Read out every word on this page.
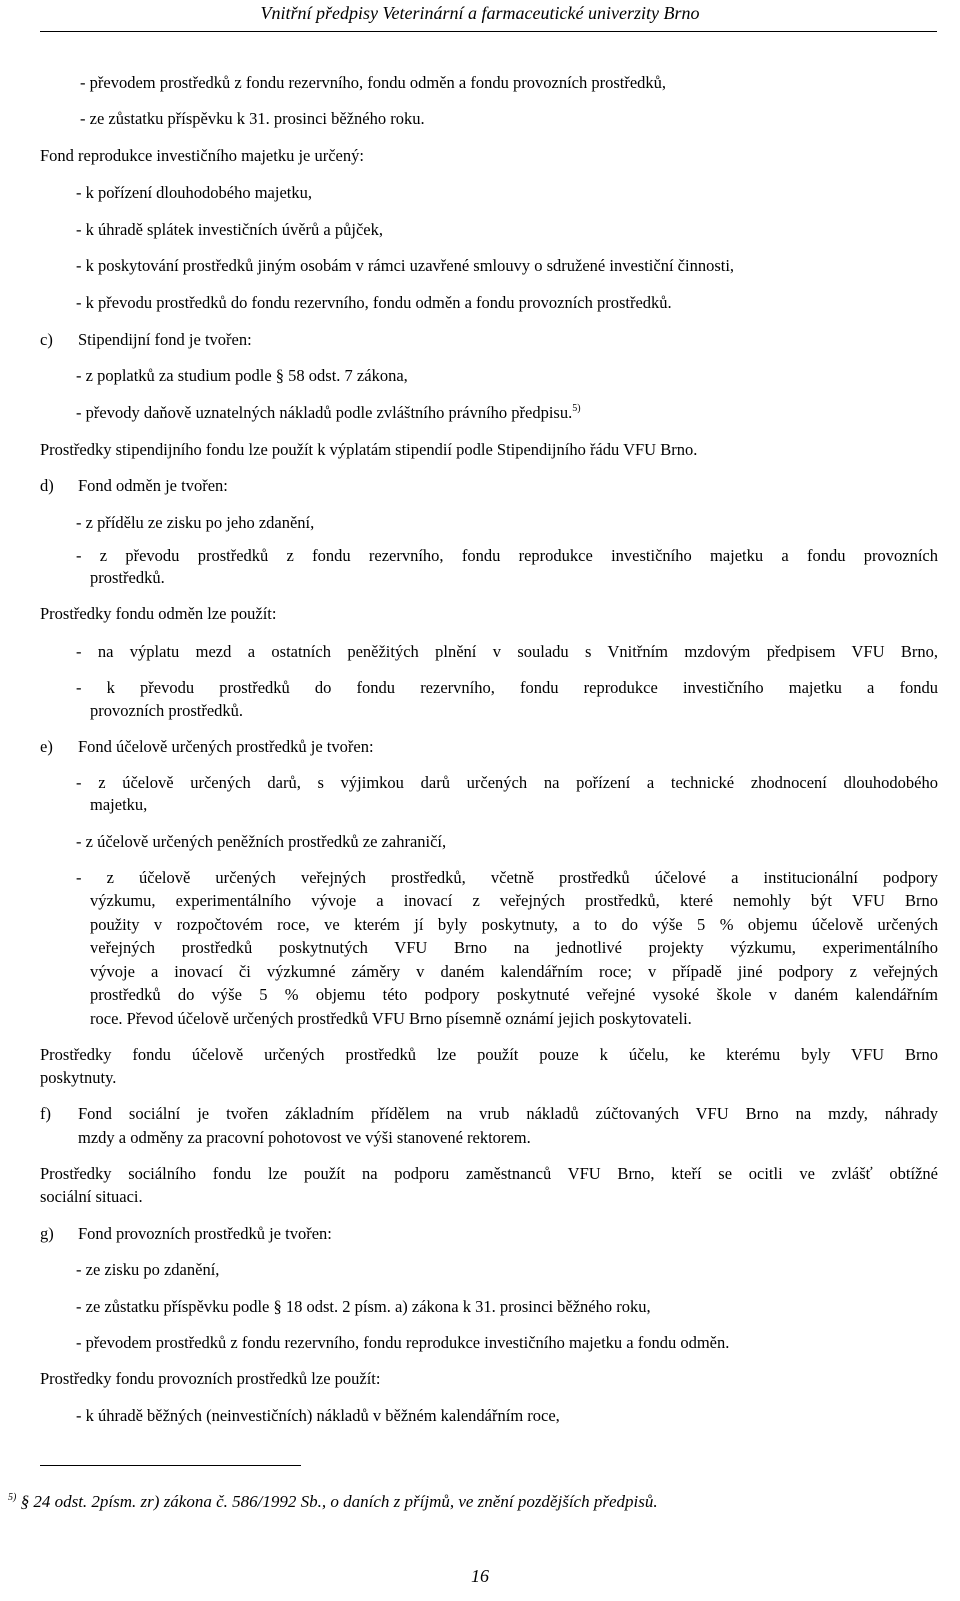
Vnitřní předpisy Veterinární a farmaceutické univerzity Brno
- převodem prostředků z fondu rezervního, fondu odměn a fondu provozních prostředků,
- ze zůstatku příspěvku k 31. prosinci běžného roku.
Fond reprodukce investičního majetku je určený:
- k pořízení dlouhodobého majetku,
- k úhradě splátek investičních úvěrů a půjček,
- k poskytování prostředků jiným osobám v rámci uzavřené smlouvy o sdružené investiční činnosti,
- k převodu prostředků do fondu rezervního, fondu odměn a fondu provozních prostředků.
c) Stipendijní fond je tvořen:
- z poplatků za studium podle § 58 odst. 7 zákona,
- převody daňově uznatelných nákladů podle zvláštního právního předpisu.$^{5)}$
Prostředky stipendijního fondu lze použít k výplatám stipendií podle Stipendijního řádu VFU Brno.
d) Fond odměn je tvořen:
- z přídělu ze zisku po jeho zdanění,
- z převodu prostředků z fondu rezervního, fondu reprodukce investičního majetku a fondu provozních
prostředků.
Prostředky fondu odměn lze použít:
- na výplatu mezd a ostatních peněžitých plnění v souladu s Vnitřním mzdovým předpisem VFU Brno,
- k převodu prostředků do fondu rezervního, fondu reprodukce investičního majetku a fondu
provozních prostředků.
e) Fond účelově určených prostředků je tvořen:
- z účelově určených darů, s výjimkou darů určených na pořízení a technické zhodnocení dlouhodobého
majetku,
- z účelově určených peněžních prostředků ze zahraničí,
- z účelově určených veřejných prostředků, včetně prostředků účelové a institucionální podpory
výzkumu, experimentálního vývoje a inovací z veřejných prostředků, které nemohly být VFU Brno
použity v rozpočtovém roce, ve kterém jí byly poskytnuty, a to do výše 5 % objemu účelově určených
veřejných prostředků poskytnutých VFU Brno na jednotlivé projekty výzkumu, experimentálního
vývoje a inovací či výzkumné záměry v daném kalendářním roce; v případě jiné podpory z veřejných
prostředků do výše 5 % objemu této podpory poskytnuté veřejné vysoké škole v daném kalendářním
roce. Převod účelově určených prostředků VFU Brno písemně oznámí jejich poskytovateli.
Prostředky fondu účelově určených prostředků lze použít pouze k účelu, ke kterému byly VFU Brno
poskytnuty.
f) Fond sociální je tvořen základním přídělem na vrub nákladů zúčtovaných VFU Brno na mzdy, náhrady
mzdy a odměny za pracovní pohotovost ve výši stanovené rektorem.
Prostředky sociálního fondu lze použít na podporu zaměstnanců VFU Brno, kteří se ocitli ve zvlášť obtížné
sociální situaci.
g) Fond provozních prostředků je tvořen:
- ze zisku po zdanění,
- ze zůstatku příspěvku podle § 18 odst. 2 písm. a) zákona k 31. prosinci běžného roku,
- převodem prostředků z fondu rezervního, fondu reprodukce investičního majetku a fondu odměn.
Prostředky fondu provozních prostředků lze použít:
- k úhradě běžných (neinvestičních) nákladů v běžném kalendářním roce,
$^{5)}$ § 24 odst. 2písm. zr) zákona č. 586/1992 Sb., o daních z příjmů, ve znění pozdějších předpisů.
16
